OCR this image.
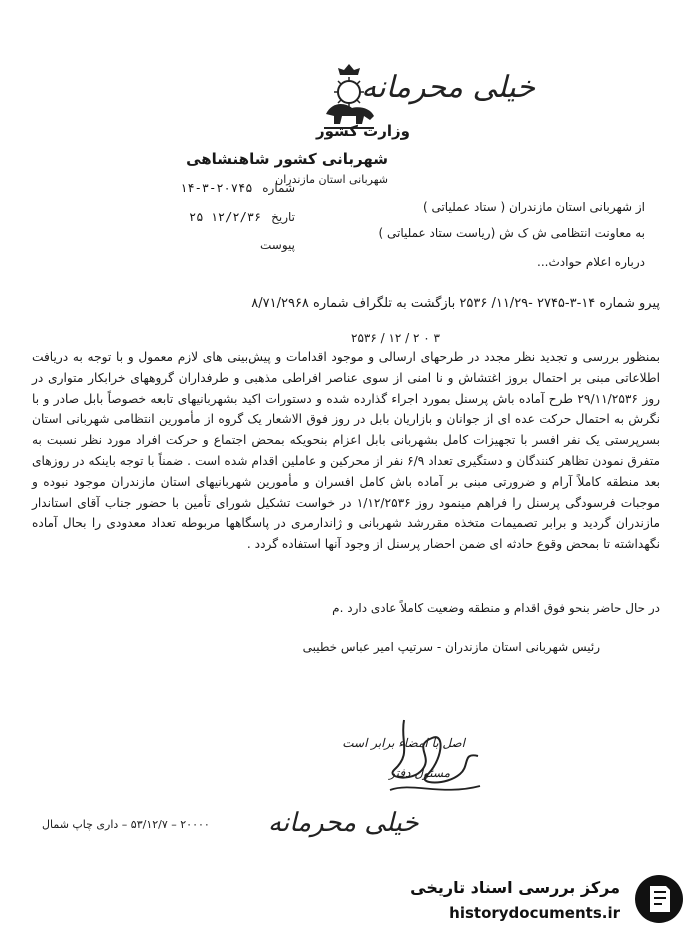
خیلی محرمانه
وزارت کشور
شهربانی کشور شاهنشاهی
شهربانی استان مازندران
شماره ۲۰۷۴۵-۳-۱۴
تاریخ ۱۲/۲/۳۶ ۲۵
پیوست
از شهربانی استان مازندران ( ستاد عملیاتی )
به معاونت انتظامی ش ک ش (ریاست ستاد عملیاتی )
درباره اعلام حوادث...
پیرو شماره ۱۴-۳-۲۷۴۵ -۱۱/۲۹/ ۲۵۳۶ بازگشت به تلگراف شماره ۸/۷۱/۲۹۶۸
۲۵۳۶ / ۱۲ / ۲ ۰ ۳
بمنظور بررسی و تجدید نظر مجدد در طرحهای ارسالی و موجود اقدامات و پیش‌بینی های لازم معمول و با توجه به دریافت اطلاعاتی مبنی بر احتمال بروز اغتشاش و نا امنی از سوی عناصر افراطی مذهبی و طرفداران گروههای خرابکار متواری در روز ۲۹/۱۱/۲۵۳۶ طرح آماده باش پرسنل بمورد اجراء گذارده شده و دستورات اکید بشهربانیهای تابعه خصوصاً بابل صادر و با نگرش به احتمال حرکت عده ای از جوانان و بازاریان بابل در روز فوق الاشعار یک گروه از مأمورین انتظامی شهربانی استان بسرپرستی یک نفر افسر با تجهیزات کامل بشهربانی بابل اعزام بنحویکه بمحض اجتماع و حرکت افراد مورد نظر نسبت به متفرق نمودن تظاهر کنندگان و دستگیری تعداد ۶/۹ نفر از محرکین و عاملین اقدام شده است . ضمناً با توجه باینکه در روزهای بعد منطقه کاملاً آرام و ضرورتی مبنی بر آماده باش کامل افسران و مأمورین شهربانیهای استان مازندران موجود نبوده و موجبات فرسودگی پرسنل را فراهم مینمود روز ۱/۱۲/۲۵۳۶ در خواست تشکیل شورای تأمین با حضور جناب آقای استاندار مازندران گردید و برابر تصمیمات متخذه مقررشد شهربانی و ژاندارمری در پاسگاهها مربوطه تعداد معدودی را بحال آماده نگهداشته تا بمحض وقوع حادثه ای ضمن احضار پرسنل از وجود آنها استفاده گردد .
در حال حاضر بنحو فوق اقدام و منطقه وضعیت کاملاً عادی دارد .م
رئیس شهربانی استان مازندران - سرتیپ امیر عباس خطیبی
اصل با امضاء برابر است
مسئول دفتر
خیلی محرمانه
۲۰۰۰۰ – ۵۳/۱۲/۷ – داری چاپ شمال
مرکز بررسی اسناد تاریخی
historydocuments.ir
